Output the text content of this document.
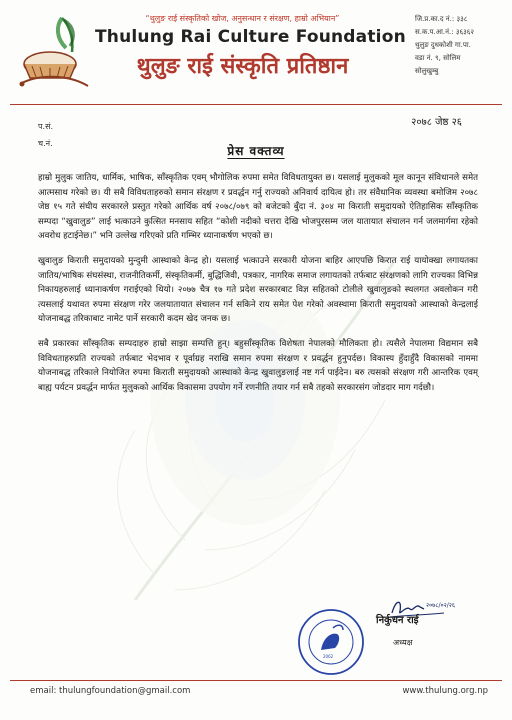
“थुलुङ राई संस्कृतिको खोज, अनुसन्धान र संरक्षण, हाम्रो अभियान”
Thulung Rai Culture Foundation
थुलुङ राई संस्कृति प्रतिष्ठान
जि.प्र.का.द नं.: ३३८
स.क.प.आ.नं.: ३६३६२
थुलुङ दुधकोशी गा.पा.
वडा नं. ९, सोलिम
सोलुखुम्बु
प.सं.
च.नं.
२०७८ जेष्ठ २६
प्रेस वक्तव्य

हाम्रो मुलुक जातिय, धार्मिक, भाषिक, साँस्कृतिक एवम् भौगोलिक रुपमा समेत विविधतायुक्त छ। यसलाई मुलुकको मूल कानून संविधानले समेत आत्मसाथ गरेको छ। यी सबै विविधताहरुको समान संरक्षण र प्रवर्द्धन गर्नु राज्यको अनिवार्य दायित्व हो। तर संवैधानिक व्यवस्था बमोजिम २०७८ जेष्ठ १५ गते संघीय सरकारले प्रस्तुत गरेको आर्थिक वर्ष २०७८/०७९ को बजेटको बुँदा नं. ३०४ मा किराती समुदायको ऐतिहासिक साँस्कृतिक सम्पदा “खुवालुङ” लाई भत्काउने कुत्सित मनसाय सहित “कोशी नदीको चत्तरा देखि भोजपुरसम्म जल यातायात संचालन गर्न जलमार्गमा रहेको अवरोध हटाईनेछ।” भनि उल्लेख गरिएको प्रति गम्भिर ध्यानाकर्षण भएको छ।

खुवालुङ किराती समुदायको मुन्दुमी आस्थाको केन्द्र हो। यसलाई भत्काउने सरकारी योजना बाहिर आएपछि किरात राई यायोक्खा लगायतका जातिय/भाषिक संघसंस्था, राजनीतिकर्मी, संस्कृतिकर्मी, बुद्धिजिवी, पत्रकार, नागरिक समाज लगायतको तर्फबाट संरक्षणको लागि राज्यका विभिन्न निकायहरुलाई ध्यानाकर्षण गराईएको थियो। २०७७ चैत्र १७ गते प्रदेश सरकारबाट विज्ञ सहितको टोलीले खुवालुङको स्थलगत अवलोकन गरी त्यसलाई यथावत रुपमा संरक्षण गरेर जलयातायात संचालन गर्न सकिने राय समेत पेश गरेको अवस्थामा किराती समुदायको आस्थाको केन्द्रलाई योजनाबद्ध तरिकाबाट नामेट पार्ने सरकारी कदम खेद जनक छ।

सबै प्रकारका साँस्कृतिक सम्पदाहरु हाम्रो साझा सम्पत्ति हुन्। बहुसाँस्कृतिक विशेषता नेपालको मौलिकता हो। त्यसैले नेपालमा विद्यमान सबै विविधताहरुप्रति राज्यको तर्फबाट भेदभाव र पूर्वाग्रह नराखि समान रुपमा संरक्षण र प्रवर्द्धन हुनुपर्दछ। विकास्य हुँदाहुँदै विकासको नाममा योजनाबद्ध तरिकाले नियोजित रुपमा किराती समुदायको आस्थाको केन्द्र खुवालुङलाई नष्ट गर्न पाईदेन। बरु त्यसको संरक्षण गरी आन्तरिक एवम् बाह्य पर्यटन प्रवर्द्धन मार्फत मुलुकको आर्थिक विकासमा उपयोग गर्ने रणनीति तयार गर्न सबै तहको सरकारसंग जोडदार माग गर्दछौ।

२०७८/०२/२६
2062
निर्कुधन राई
अध्यक्ष
email: thulungfoundation@gmail.com	www.thulung.org.np
